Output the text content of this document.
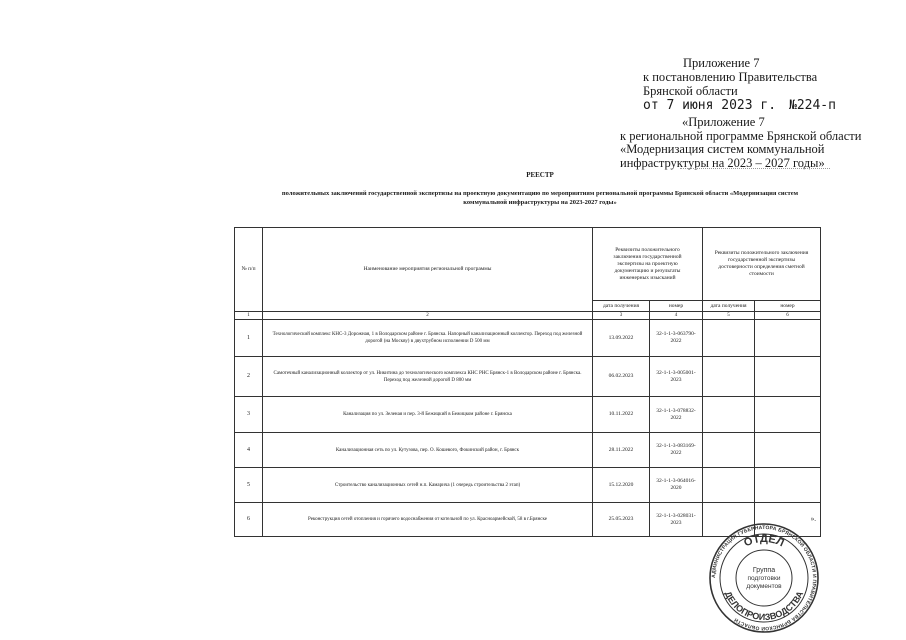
Приложение 7
к постановлению Правительства
Брянской области
от 7 июня 2023 г. №224-п
«Приложение 7
к региональной программе Брянской области
«Модернизация систем коммунальной
инфраструктуры на 2023 – 2027 годы»
РЕЕСТР
положительных заключений государственной экспертизы на проектную документацию по мероприятиям региональной программы Брянской области «Модернизация систем
коммунальной инфраструктуры на 2023-2027 годы»
№ п/п	Наименование мероприятия региональной программы	Реквизиты положительного заключения государственной экспертизы на проектную документацию и результаты инженерных изысканий		Реквизиты положительного заключения государственной экспертизы достоверности определения сметной стоимости	
		дата получения	номер	дата получения	номер
1	2	3	4	5	6
1	Технологический комплекс КНС-3 Дорожная, 1 в Володарском районе г. Брянска. Напорный канализационный коллектор. Переход под железной дорогой (на Москву) в двухтрубном исполнении D 500 мм	13.09.2022	32-1-1-3-063790-2022		
2	Самотечный канализационный коллектор от ул. Никитина до технологического комплекса КНС РНС Брянск-1 в Володарском районе г. Брянска. Переход под железной дорогой D 800 мм	06.02.2023	32-1-1-3-005001-2023		
3	Канализация по ул. Зеленая и пер. 3-й Бежицкий в Бежицком районе г. Брянска	10.11.2022	32-1-1-3-078832-2022		
4	Канализационная сеть по ул. Кутузова, пер. О. Кошевого, Фокинский район, г. Брянск	28.11.2022	32-1-1-3-083169-2022		
5	Строительство канализационных сетей н.п. Камарича (1 очередь строительства 2 этап)	15.12.2020	32-1-1-3-064016-2020		
6	Реконструкция сетей отопления и горячего водоснабжения от котельной по ул. Красноармейской, 58 в г.Брянске	25.05.2023	32-1-1-3-028031-2023		».
АДМИНИСТРАЦИЯ ГУБЕРНАТОРА БРЯНСКОЙ ОБЛАСТИ И ПРАВИТЕЛЬСТВА БРЯНСКОЙ ОБЛАСТИ
ОТДЕЛ
ДЕЛОПРОИЗВОДСТВА
Группа
подготовки
документов
